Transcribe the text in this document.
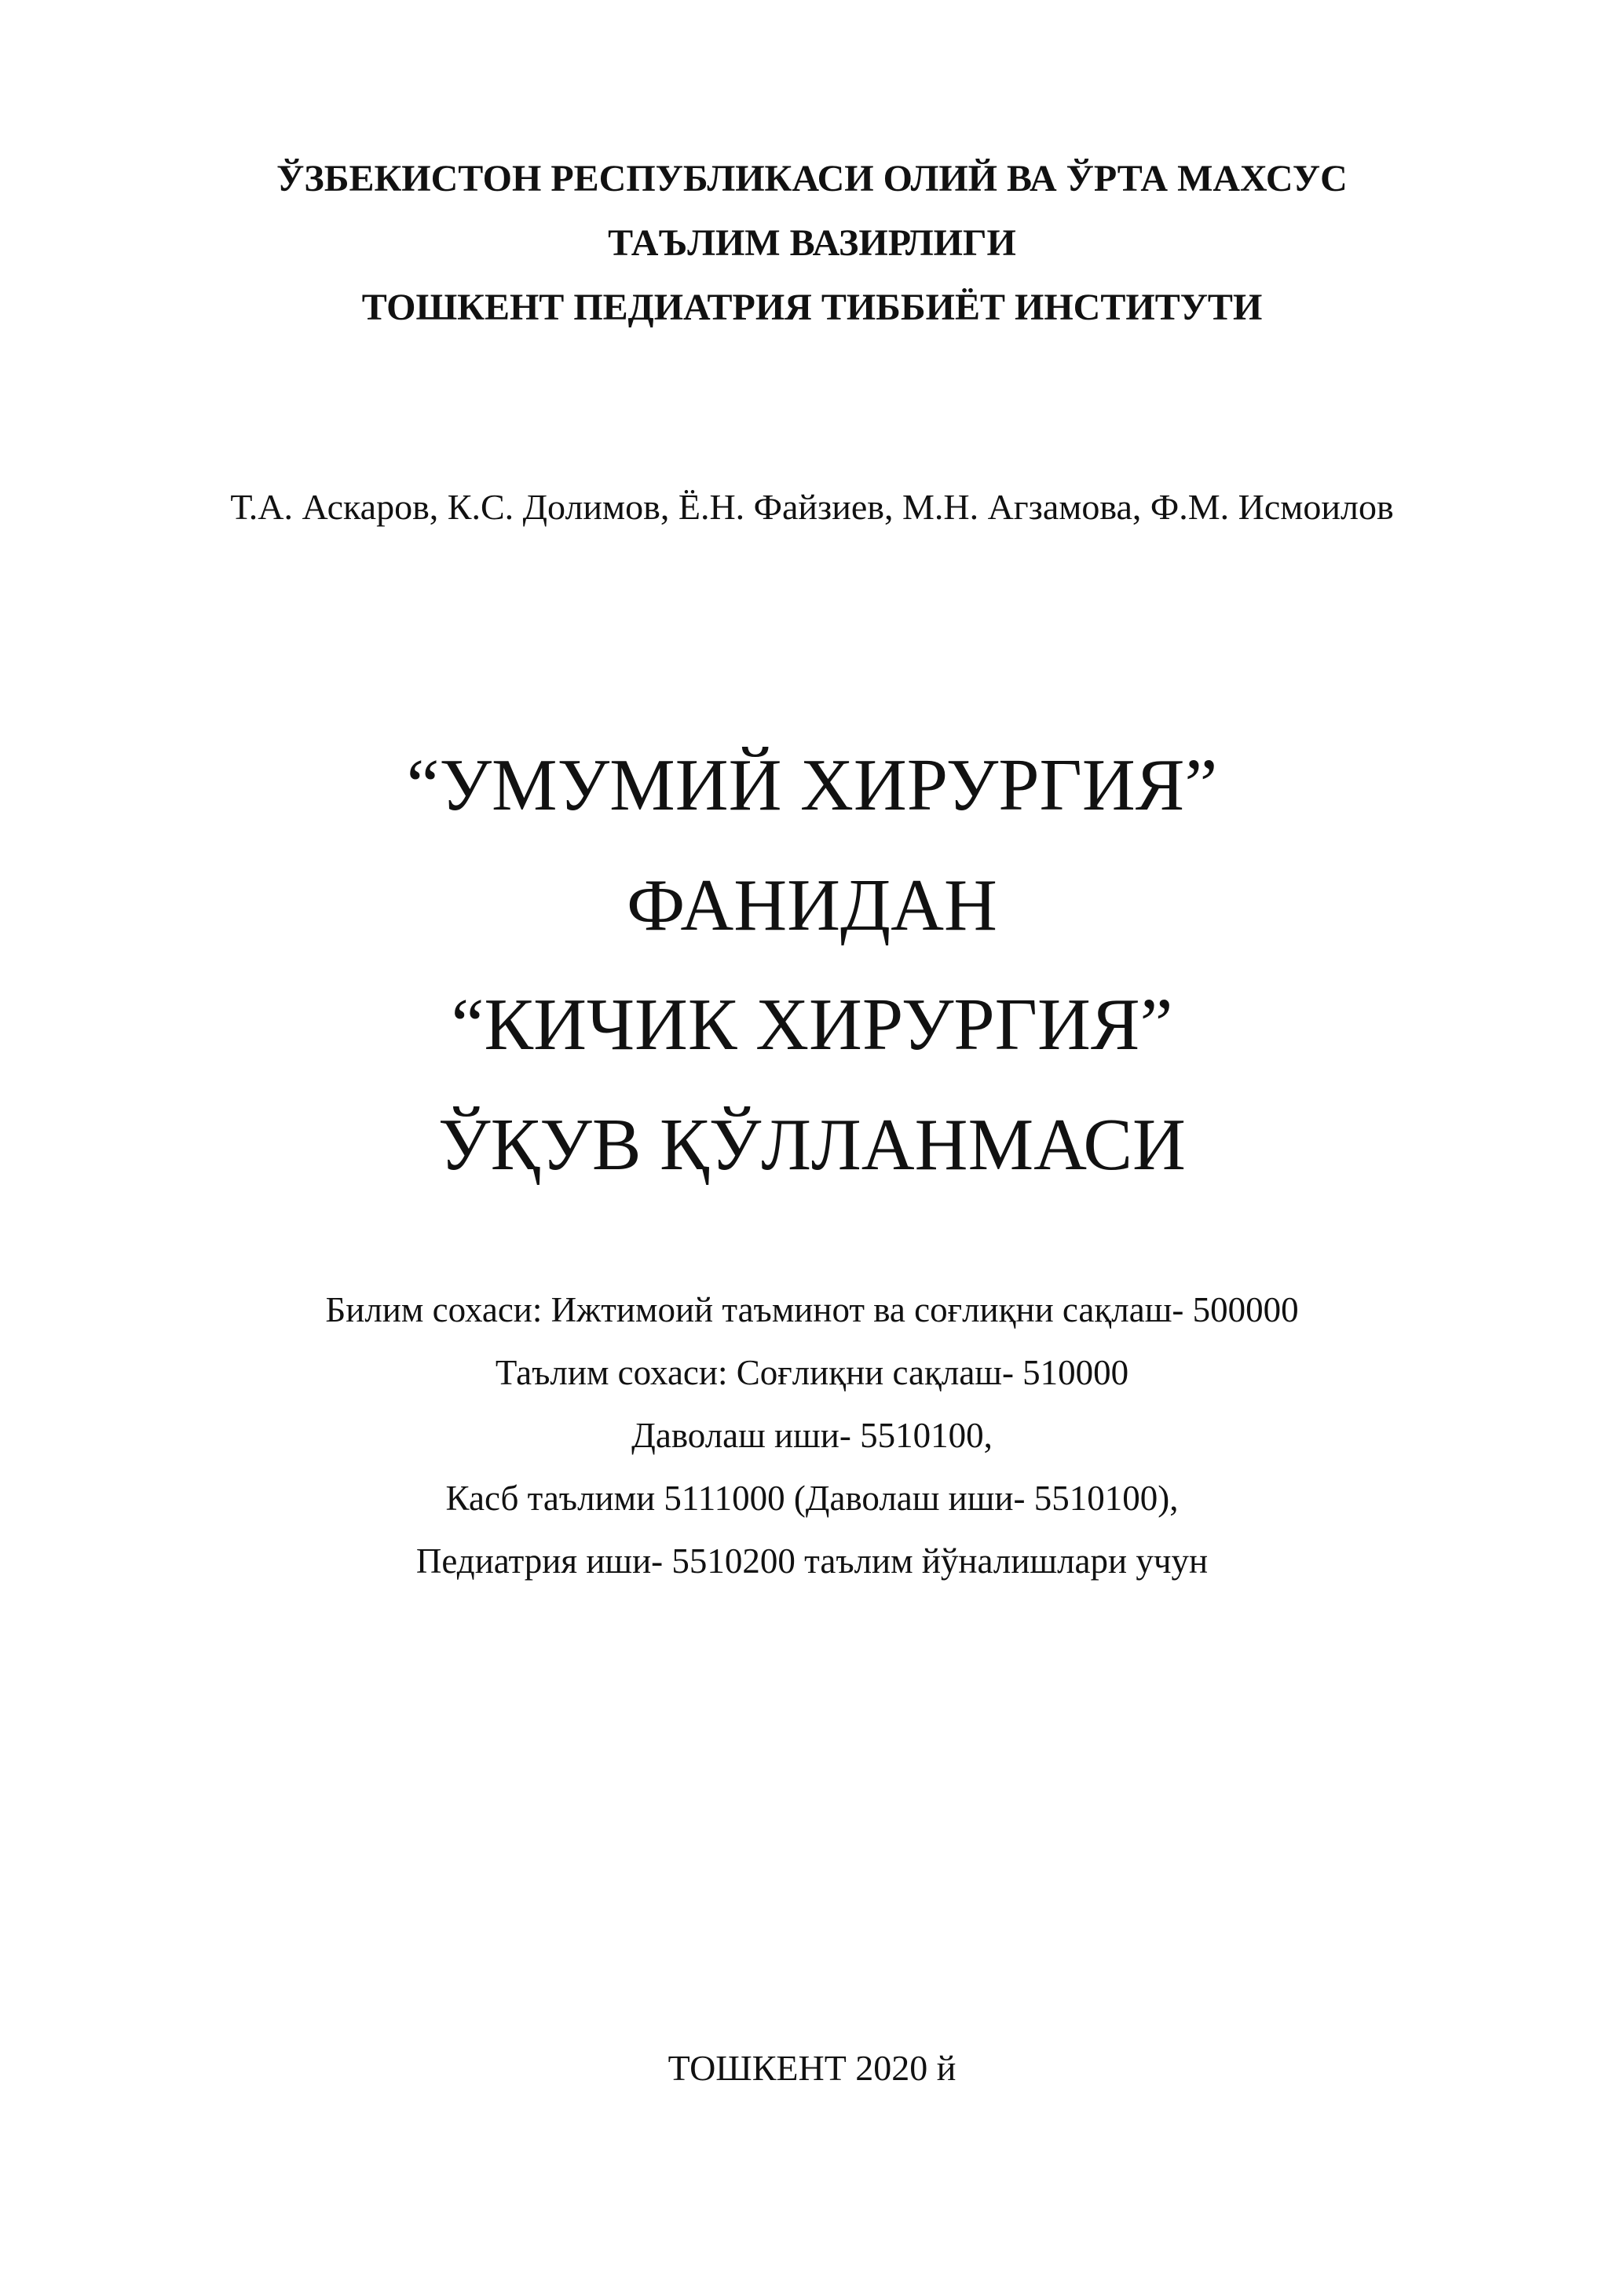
ЎЗБЕКИСТОН РЕСПУБЛИКАСИ ОЛИЙ ВА ЎРТА МАХСУС
ТАЪЛИМ ВАЗИРЛИГИ
ТОШКЕНТ ПЕДИАТРИЯ ТИББИЁТ ИНСТИТУТИ
Т.А. Аскаров, К.С. Долимов, Ё.Н. Файзиев, М.Н. Агзамова, Ф.М. Исмоилов
“УМУМИЙ ХИРУРГИЯ”
ФАНИДАН
“КИЧИК ХИРУРГИЯ”
ЎҚУВ ҚЎЛЛАНМАСИ
Билим сохаси: Ижтимоий таъминот ва соғлиқни сақлаш- 500000
Таълим сохаси: Соғлиқни сақлаш- 510000
Даволаш иши- 5510100,
Касб таълими 5111000 (Даволаш иши- 5510100),
Педиатрия иши- 5510200 таълим йўналишлари учун
ТОШКЕНТ 2020 й
